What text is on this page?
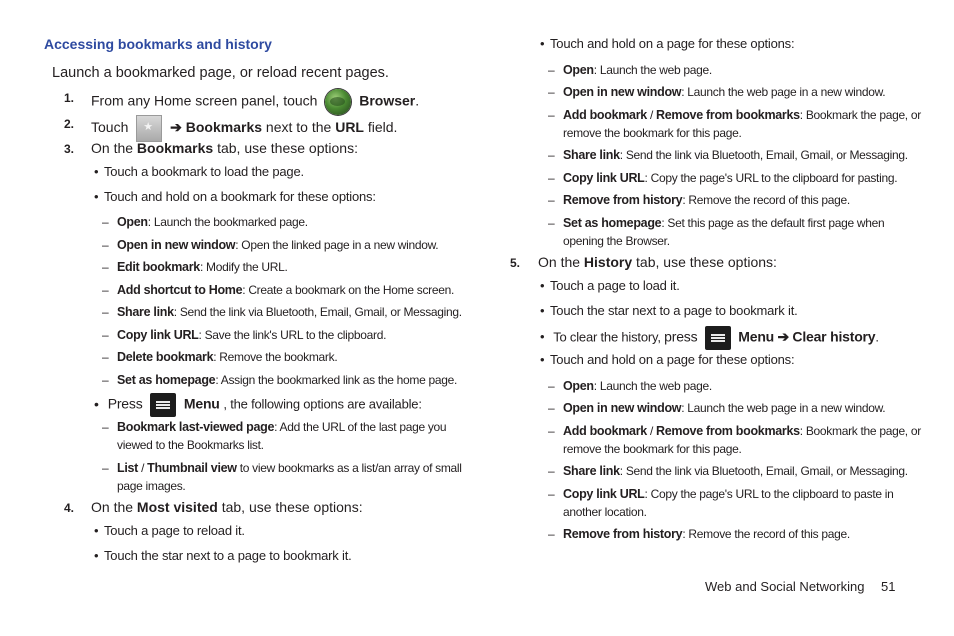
Accessing bookmarks and history
Launch a bookmarked page, or reload recent pages.
1. From any Home screen panel, touch	Browser.
2. Touch ★	➔ Bookmarks next to the URL field.
3. On the Bookmarks tab, use these options:
• Touch a bookmark to load the page.
• Touch and hold on a bookmark for these options:
– Open: Launch the bookmarked page.
– Open in new window: Open the linked page in a new window.
– Edit bookmark: Modify the URL.
– Add shortcut to Home: Create a bookmark on the Home screen.
– Share link: Send the link via Bluetooth, Email, Gmail, or Messaging.
– Copy link URL: Save the link's URL to the clipboard.
– Delete bookmark: Remove the bookmark.
– Set as homepage: Assign the bookmarked link as the home page.
• Press	Menu , the following options are available:
– Bookmark last-viewed page: Add the URL of the last page you
viewed to the Bookmarks list.
– List / Thumbnail view to view bookmarks as a list/an array of small
page images.
4. On the Most visited tab, use these options:
• Touch a page to reload it.
• Touch the star next to a page to bookmark it.
• Touch and hold on a page for these options:
– Open: Launch the web page.
– Open in new window: Launch the web page in a new window.
– Add bookmark / Remove from bookmarks: Bookmark the page, or
remove the bookmark for this page.
– Share link: Send the link via Bluetooth, Email, Gmail, or Messaging.
– Copy link URL: Copy the page's URL to the clipboard for pasting.
– Remove from history: Remove the record of this page.
– Set as homepage: Set this page as the default first page when
opening the Browser.
5. On the History tab, use these options:
• Touch a page to load it.
• Touch the star next to a page to bookmark it.
• To clear the history, press	Menu ➔ Clear history.
• Touch and hold on a page for these options:
– Open: Launch the web page.
– Open in new window: Launch the web page in a new window.
– Add bookmark / Remove from bookmarks: Bookmark the page, or
remove the bookmark for this page.
– Share link: Send the link via Bluetooth, Email, Gmail, or Messaging.
– Copy link URL: Copy the page's URL to the clipboard to paste in
another location.
– Remove from history: Remove the record of this page.
Web and Social Networking 51
